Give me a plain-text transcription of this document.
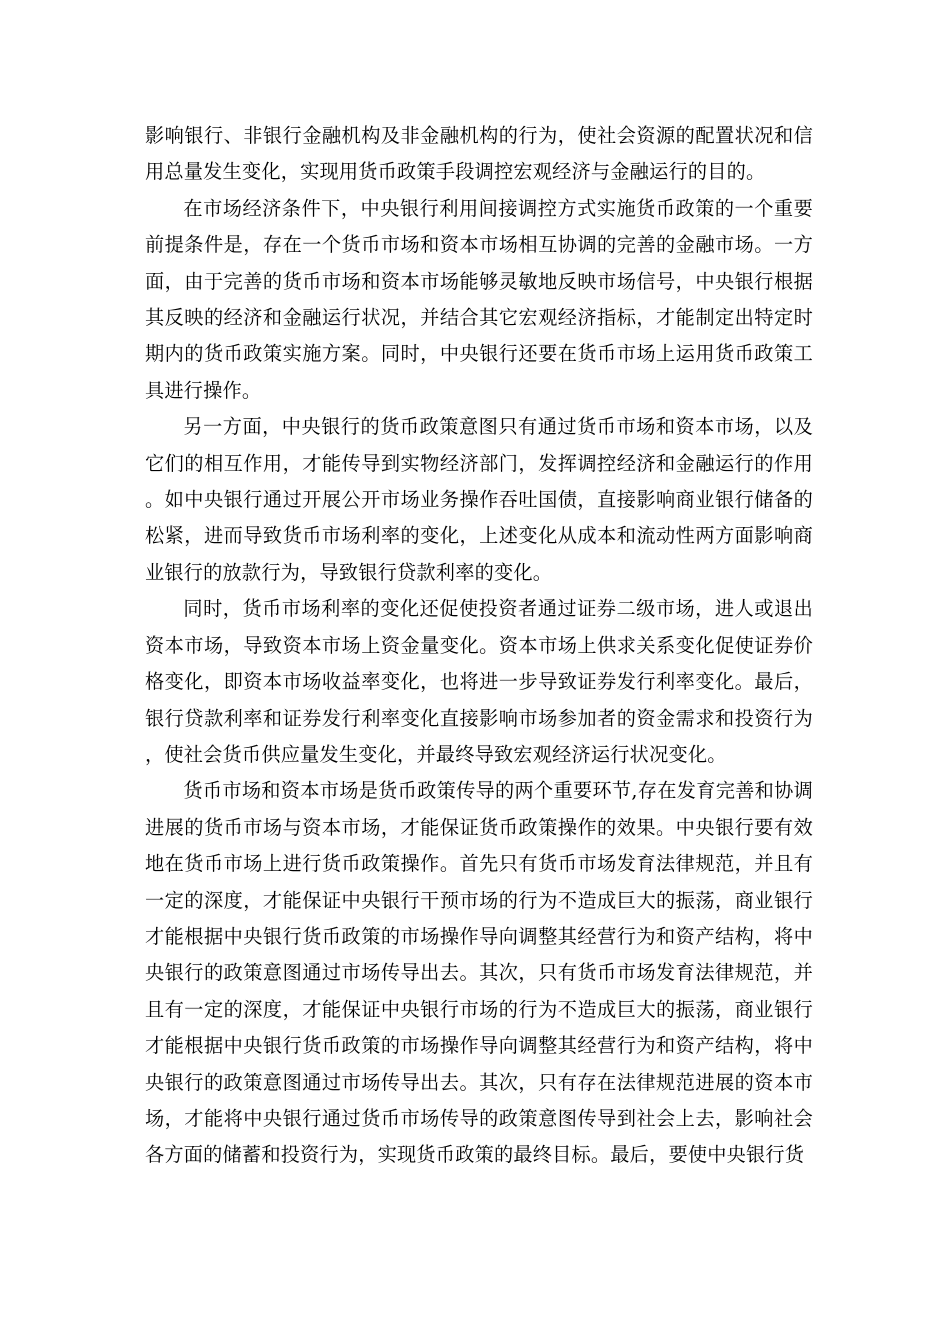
影响银行、非银行金融机构及非金融机构的行为，使社会资源的配置状况和信用总量发生变化，实现用货币政策手段调控宏观经济与金融运行的目的。

在市场经济条件下，中央银行利用间接调控方式实施货币政策的一个重要前提条件是，存在一个货币市场和资本市场相互协调的完善的金融市场。一方面，由于完善的货币市场和资本市场能够灵敏地反映市场信号，中央银行根据其反映的经济和金融运行状况，并结合其它宏观经济指标，才能制定出特定时期内的货币政策实施方案。同时，中央银行还要在货币市场上运用货币政策工具进行操作。

另一方面，中央银行的货币政策意图只有通过货币市场和资本市场，以及它们的相互作用，才能传导到实物经济部门，发挥调控经济和金融运行的作用。如中央银行通过开展公开市场业务操作吞吐国债，直接影响商业银行储备的松紧，进而导致货币市场利率的变化，上述变化从成本和流动性两方面影响商业银行的放款行为，导致银行贷款利率的变化。

同时，货币市场利率的变化还促使投资者通过证券二级市场，进人或退出资本市场，导致资本市场上资金量变化。资本市场上供求关系变化促使证券价格变化，即资本市场收益率变化，也将进一步导致证券发行利率变化。最后，银行贷款利率和证券发行利率变化直接影响市场参加者的资金需求和投资行为，使社会货币供应量发生变化，并最终导致宏观经济运行状况变化。

货币市场和资本市场是货币政策传导的两个重要环节,存在发育完善和协调进展的货币市场与资本市场，才能保证货币政策操作的效果。中央银行要有效地在货币市场上进行货币政策操作。首先只有货币市场发育法律规范，并且有一定的深度，才能保证中央银行干预市场的行为不造成巨大的振荡，商业银行才能根据中央银行货币政策的市场操作导向调整其经营行为和资产结构，将中央银行的政策意图通过市场传导出去。其次，只有货币市场发育法律规范，并且有一定的深度，才能保证中央银行市场的行为不造成巨大的振荡，商业银行才能根据中央银行货币政策的市场操作导向调整其经营行为和资产结构，将中央银行的政策意图通过市场传导出去。其次，只有存在法律规范进展的资本市场，才能将中央银行通过货币市场传导的政策意图传导到社会上去，影响社会各方面的储蓄和投资行为，实现货币政策的最终目标。最后，要使中央银行货
